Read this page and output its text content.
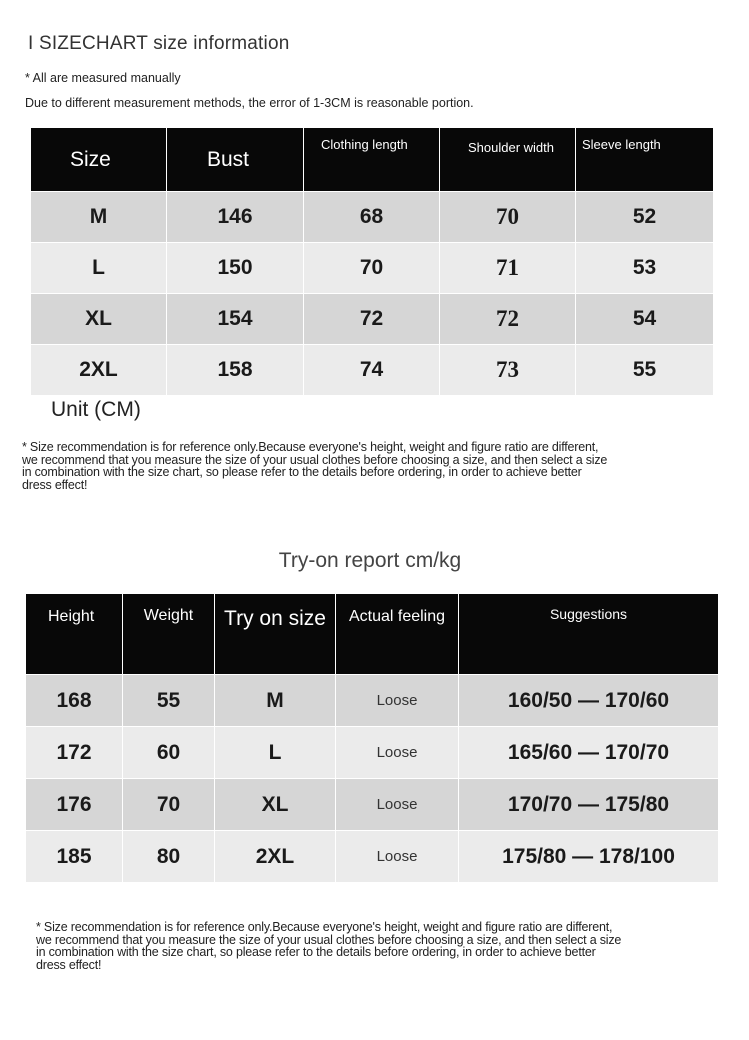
I SIZECHART size information
* All are measured manually
Due to different measurement methods, the error of 1-3CM is reasonable portion.
Size	Bust	Clothing length	Shoulder width	Sleeve length
M	146	68	70	52
L	150	70	71	53
XL	154	72	72	54
2XL	158	74	73	55
Unit (CM)
* Size recommendation is for reference only.Because everyone's height, weight and figure ratio are different,
we recommend that you measure the size of your usual clothes before choosing a size, and then select a size
in combination with the size chart, so please refer to the details before ordering, in order to achieve better
dress effect!
Try-on report cm/kg
Height	Weight	Try on size	Actual feeling	Suggestions
168	55	M	Loose	160/50 — 170/60
172	60	L	Loose	165/60 — 170/70
176	70	XL	Loose	170/70 — 175/80
185	80	2XL	Loose	175/80 — 178/100
* Size recommendation is for reference only.Because everyone's height, weight and figure ratio are different,
we recommend that you measure the size of your usual clothes before choosing a size, and then select a size
in combination with the size chart, so please refer to the details before ordering, in order to achieve better
dress effect!
